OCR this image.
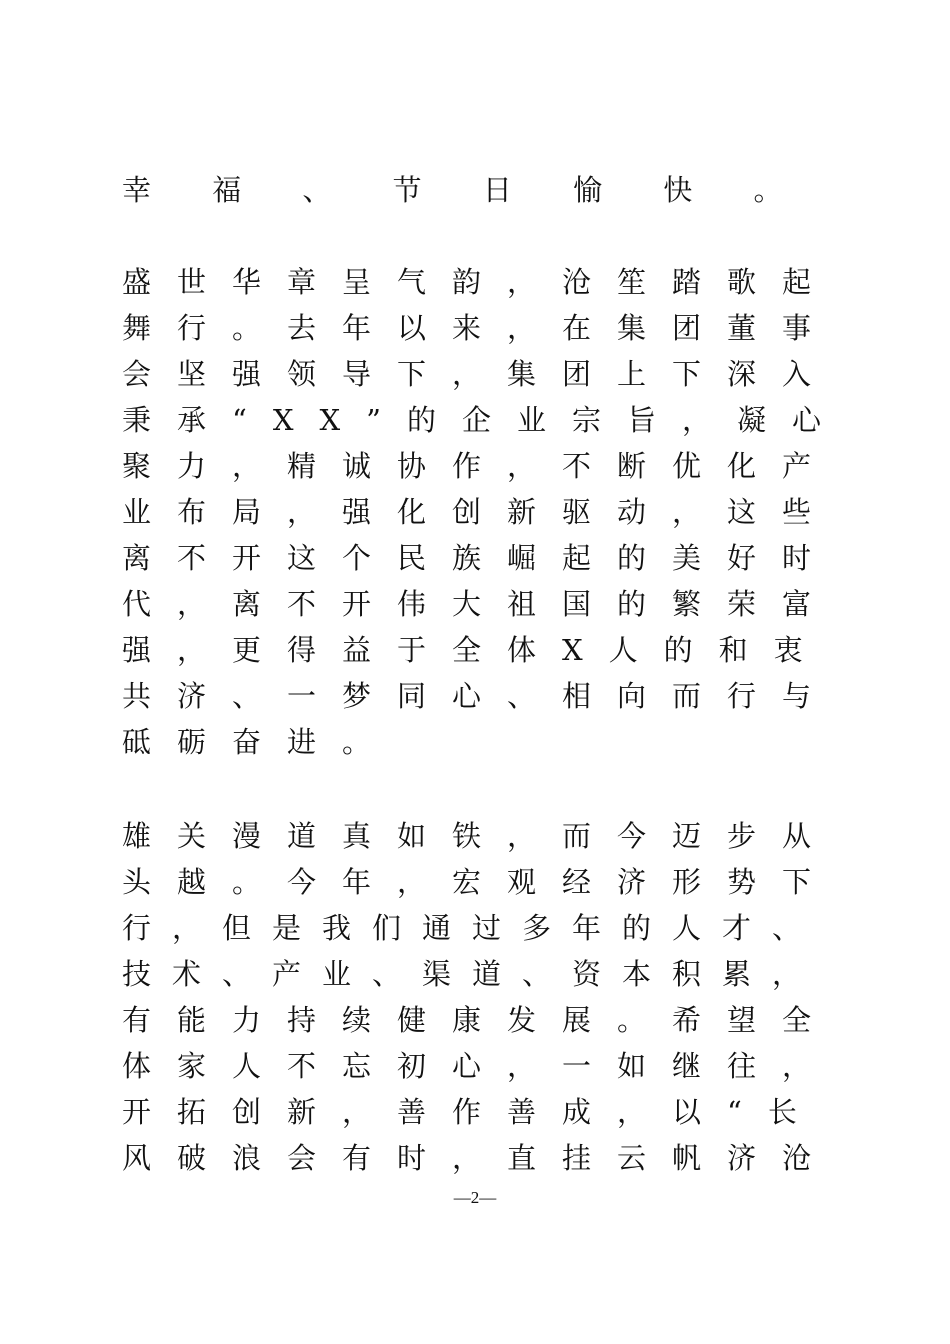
幸 福 、 节 日 愉 快 。
盛世华章呈气韵，沧笙踏歌起
舞行。去年以来，在集团董事
会坚强领导下，集团上下深入
秉承“XX”的企业宗旨，凝心
聚力，精诚协作，不断优化产
业布局，强化创新驱动，这些
离不开这个民族崛起的美好时
代，离不开伟大祖国的繁荣富
强，更得益于全体X人的和衷
共济、一梦同心、相向而行与
砥砺奋进。
雄关漫道真如铁，而今迈步从
头越。今年，宏观经济形势下
行，但是我们通过多年的人才、
技术、产业、渠道、资本积累，
有能力持续健康发展。希望全
体家人不忘初心，一如继往，
开拓创新，善作善成，以“长
风破浪会有时，直挂云帆济沧
—2—
